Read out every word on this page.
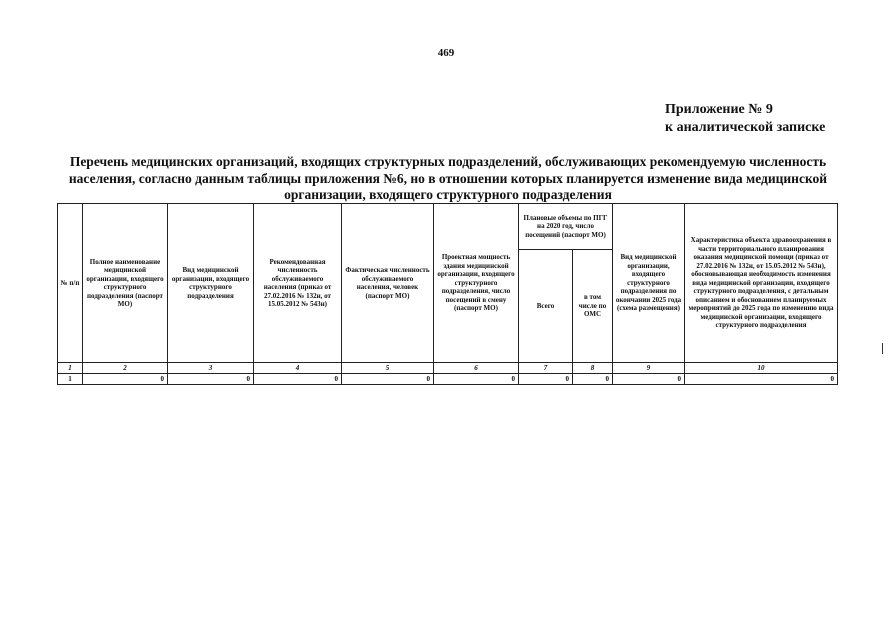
469
Приложение № 9
к аналитической записке
Перечень медицинских организаций, входящих структурных подразделений, обслуживающих рекомендуемую численность населения, согласно данным таблицы приложения №6, но в отношении которых планируется изменение вида медицинской организации, входящего структурного подразделения
№ п/п	Полное наименование медицинской организации, входящего структурного подразделения (паспорт МО)	Вид медицинской организации, входящего структурного подразделения	Рекомендованная численность обслуживаемого населения (приказ от 27.02.2016 № 132н, от 15.05.2012 № 543н)	Фактическая численность обслуживаемого населения, человек (паспорт МО)	Проектная мощность здания медицинской организации, входящего структурного подразделения, число посещений в смену (паспорт МО)	Плановые объемы по ПГГ на 2020 год, число посещений (паспорт МО)		Вид медицинской организации, входящего структурного подразделения по окончании 2025 года (схема размещения)	Характеристика объекта здравоохранения в части территориального планирования оказания медицинской помощи (приказ от 27.02.2016 № 132н, от 15.05.2012 № 543н), обосновывающая необходимость изменения вида медицинской организации, входящего структурного подразделения, с детальным описанием и обоснованием планируемых мероприятий до 2025 года по изменению вида медицинской организации, входящего структурного подразделения
						Всего	в том числе по ОМС		
1	2	3	4	5	6	7	8	9	10
1	0	0	0	0	0	0	0	0	0
